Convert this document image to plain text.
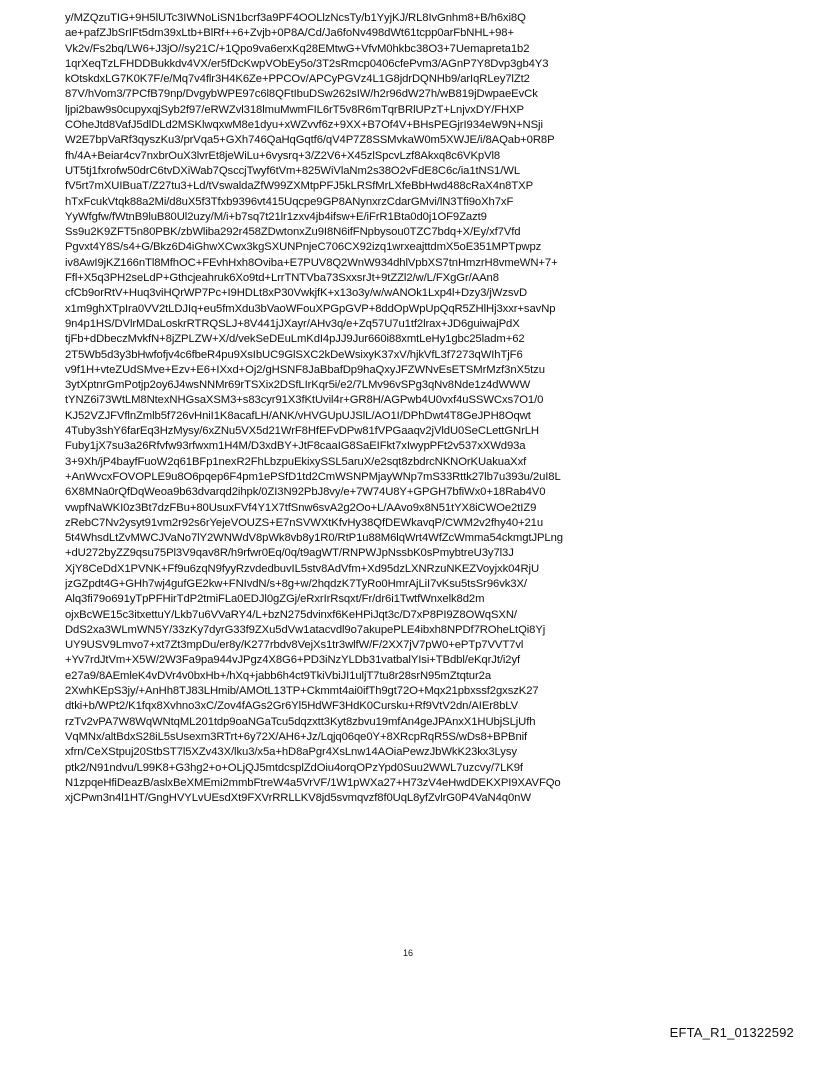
y/MZQzuTIG+9H5lUTc3IWNoLiSN1bcrf3a9PF4OOLlzNcsTy/b1YyjKJ/RL8IvGnhm8+B/h6xi8Q
ae+pafZJbSrIFt5dm39xLtb+BlRf++6+Zvjb+0P8A/Cd/Ja6foNv498dWt61tcpp0arFbNHL+98+
Vk2v/Fs2bq/LW6+J3jO//sy21C/+1Qpo9va6erxKq28EMtwG+VfvM0hkbc38O3+7Uemapreta1b2
1qrXeqTzLFHDDBukkdv4VX/er5fDcKwpVObEy5o/3T2sRmcp0406cfePvm3/AGnP7Y8Dvp3gb4Y3
kOtskdxLG7K0K7F/e/Mq7v4flr3H4K6Ze+PPCOv/APCyPGVz4L1G8jdrDQNHb9/arIqRLey7lZt2
87V/hVom3/7PCfB79np/DvgybWPE97c6l8QFtIbuDSw262sIW/h2r96dW27h/wB819jDwpaeEvCk
ljpi2baw9s0cupyxqjSyb2f97/eRWZvl318lmuMwmFIL6rT5v8R6mTqrBRlUPzT+LnjvxDY/FHXP
COheJtd8VafJ5dlDLd2MSKlwqxwM8e1dyu+xWZvvf6z+9XX+B7Of4V+BHsPEGjrI934eW9N+NSji
W2E7bpVaRf3qyszKu3/prVqa5+GXh746QaHqGqtf6/qV4P7Z8SSMvkaW0m5XWJE/i/8AQab+0R8P
fh/4A+Beiar4cv7nxbrOuX3lvrEt8jeWiLu+6vysrq+3/Z2V6+X45zlSpcvLzf8Akxq8c6VKpVl8
UT5tj1fxrofw50drC6tvDXiWab7QsccjTwyf6tVm+825WiVlaNm2s38O2vFdE8C6c/ia1tNS1/WL
fV5rt7mXUIBuaT/Z27tu3+Ld/tVswaldaZfW99ZXMtpPFJ5kLRSfMrLXfeBbHwd488cRaX4n8TXP
hTxFcukVtqk88a2Mi/d8uX5f3Tfxb9396vt415Uqcpe9GP8ANynxrzCdarGMvi/lN3Tfi9oXh7xF
YyWfgfw/fWtnB9luB80Ul2uzy/M/i+b7sq7t21lr1zxv4jb4ifsw+E/iFrR1Bta0d0j1OF9Zazt9
Ss9u2K9ZFT5n80PBK/zbWliba292r458ZDwtonxZu9I8N6ifFNpbysou0TZC7bdq+X/Ey/xf7Vfd
Pgvxt4Y8S/s4+G/Bkz6D4iGhwXCwx3kgSXUNPnjeC706CX92izq1wrxeajttdmX5oE351MPTpwpz
iv8AwI9jKZ166nTl8MfhOC+FEvhHxh8Oviba+E7PUV8Q2WnW934dhlVpbXS7tnHmzrH8vmeWN+7+
Ffl+X5q3PH2seLdP+Gthcjeahruk6Xo9td+LrrTNTVba73SxxsrJt+9tZZl2/w/L/FXgGr/AAn8
cfCb9orRtV+Huq3viHQrWP7Pc+I9HDLt8xP30VwkjfK+x13o3y/w/wANOk1Lxp4l+Dzy3/jWzsvD
x1m9ghXTpIra0VV2tLDJIq+eu5fmXdu3bVaoWFouXPGpGVP+8ddOpWpUpQqR5ZHlHj3xxr+savNp
9n4p1HS/DVlrMDaLoskrRTRQSLJ+8V441jJXayr/AHv3q/e+Zq57U7u1tf2lrax+JD6guiwajPdX
tjFb+dDbeczMvkfN+8jZPLZW+X/d/vekSeDEuLmKdI4pJJ9Jur660i88xmtLeHy1gbc25ladm+62
2T5Wb5d3y3bHwfofjv4c6fbeR4pu9XsIbUC9GlSXC2kDeWsixyK37xV/hjkVfL3f7273qWIhTjF6
v9f1H+vteZUdSMve+Ezv+E6+IXxd+Oj2/gHSNF8JaBbafDp9haQxyJFZWNvEsETSMrMzf3nX5tzu
3ytXptnrGmPotjp2oy6J4wsNNMr69rTSXix2DSfLIrKqr5i/e2/7LMv96vSPg3qNv8Nde1z4dWWW
tYNZ6i73WtLM8NtexNHGsaXSM3+s83cyr91X3fKtUvil4r+GR8H/AGPwb4U0vxf4uSSWCxs7O1/0
KJ52VZJFVflnZmlb5f726vHniI1K8acafLH/ANK/vHVGUpUJSlL/AO1I/DPhDwt4T8GeJPH8Oqwt
4Tuby3shY6farEq3HzMysy/6xZNu5VX5d21WrF8HfEFvDPw81fVPGaaqv2jVldU0SeCLettGNrLH
Fuby1jX7su3a26Rfvfw93rfwxm1H4M/D3xdBY+JtF8caaIG8SaEIFkt7xIwypPFt2v537xXWd93a
3+9Xh/jP4bayfFuoW2q61BFp1nexR2FhLbzpuEkixySSL5aruX/e2sqt8zbdrcNKNOrKUakuaXxf
+AnWvcxFOVOPLE9u8O6pqep6F4pm1ePSfD1td2CmWSNPMjayWNp7mS33Rttk27lb7u393u/2uI8L
6X8MNa0rQfDqWeoa9b63dvarqd2ihpk/0ZI3N92PbJ8vy/e+7W74U8Y+GPGH7bfiWx0+18Rab4V0
vwpfNaWKI0z3Bt7dzFBu+80UsuxFVf4Y1X7tfSnw6svA2g2Oo+L/AAvo9x8N51tYX8iCWOe2tIZ9
zRebC7Nv2ysyt91vm2r92s6rYejeVOUZS+E7nSVWXtKfvHy38QfDEWkavqP/CWM2v2fhy40+21u
5t4WhsdLtZvMWCJVaNo7lY2WNWdV8pWk8vb8y1R0/RtP1u88M6lqWrt4WfZcWmma54ckmgtJPLng
+dU272byZZ9qsu75Pl3V9qav8R/h9rfwr0Eq/0q/t9agWT/RNPWJpNssbK0sPmybtreU3y7l3J
XjY8CeDdX1PVNK+Ff9u6zqN9fyyRzvdedbuvIL5stv8AdVfm+Xd95dzLXNRzuNKEZVoyjxk04RjU
jzGZpdt4G+GHh7wj4gufGE2kw+FNIvdN/s+8g+w/2hqdzK7TyRo0HmrAjLiI7vKsu5tsSr96vk3X/
Alq3fi79o691yTpPFHirTdP2tmiFLa0EDJl0gZGj/eRxrIrRsqxt/Fr/dr6i1TwtfWnxelk8d2m
ojxBcWE15c3itxettuY/Lkb7u6VVaRY4/L+bzN275dvinxf6KeHPiJqt3c/D7xP8PI9Z8OWqSXN/
DdS2xa3WLmWN5Y/33zKy7dyrG33f9ZXu5dVw1atacvdl9o7akupePLE4ibxh8NPDf7ROheLtQi8Yj
UY9USV9Lmvo7+xt7Zt3mpDu/er8y/K277rbdv8VejXs1tr3wlfW/F/2XX7jV7pW0+ePTp7VVT7vl
+Yv7rdJtVm+X5W/2W3Fa9pa944vJPgz4X8G6+PD3iNzYLDb31vatbalYIsi+TBdbl/eKqrJt/i2yf
e27a9/8AEmleK4vDVr4v0bxHb+/hXq+jabb6h4ct9TkiVbiJI1uljT7tu8r28srN95mZtqtur2a
2XwhKEpS3jy/+AnHh8TJ83LHmib/AMOtL13TP+Ckmmt4ai0ifTh9gt72O+Mqx21pbxssf2gxszK27
dtki+b/WPt2/K1fqx8Xvhno3xC/Zov4fAGs2Gr6Yl5HdWF3HdK0Cursku+Rf9VtV2dn/AIEr8bLV
rzTv2vPA7W8WqWNtqML201tdp9oaNGaTcu5dqzxtt3Kyt8zbvu19mfAn4geJPAnxX1HUbjSLjUfh
VqMNx/altBdxS28iL5sUsexm3RTrt+6y72X/AH6+Jz/Lqjq06qe0Y+8XRcpRqR5S/wDs8+BPBnif
xfrn/CeXStpuj20StbST7l5XZv43X/lku3/x5a+hD8aPgr4XsLnw14AOiaPewzJbWkK23kx3Lysy
ptk2/N91ndvu/L99K8+G3hg2+o+OLjQJ5mtdcsplZdOiu4orqOPzYpd0Suu2WWL7uzcvy/7LK9f
N1zpqeHfiDeazB/aslxBeXMEmi2mmbFtreW4a5VrVF/1W1pWXa27+H73zV4eHwdDEKXPI9XAVFQo
xjCPwn3n4l1HT/GngHVYLvUEsdXt9FXVrRRLLKV8jd5svmqvzf8f0UqL8yfZvlrG0P4VaN4q0nW
16
EFTA_R1_01322592
